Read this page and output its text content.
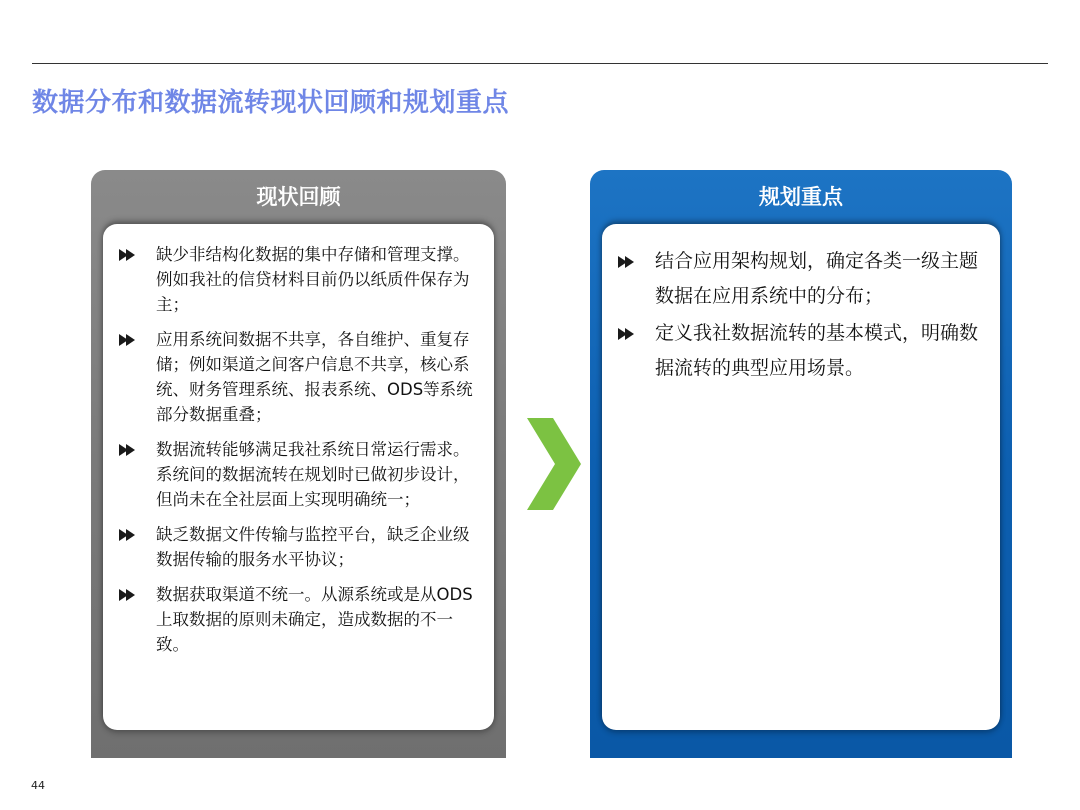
数据分布和数据流转现状回顾和规划重点
现状回顾
缺少非结构化数据的集中存储和管理支撑。例如我社的信贷材料目前仍以纸质件保存为主；
应用系统间数据不共享，各自维护、重复存储；例如渠道之间客户信息不共享，核心系统、财务管理系统、报表系统、ODS等系统部分数据重叠；
数据流转能够满足我社系统日常运行需求。系统间的数据流转在规划时已做初步设计，但尚未在全社层面上实现明确统一；
缺乏数据文件传输与监控平台，缺乏企业级数据传输的服务水平协议；
数据获取渠道不统一。从源系统或是从ODS上取数据的原则未确定，造成数据的不一致。
规划重点
结合应用架构规划，确定各类一级主题数据在应用系统中的分布；
定义我社数据流转的基本模式，明确数据流转的典型应用场景。
44
